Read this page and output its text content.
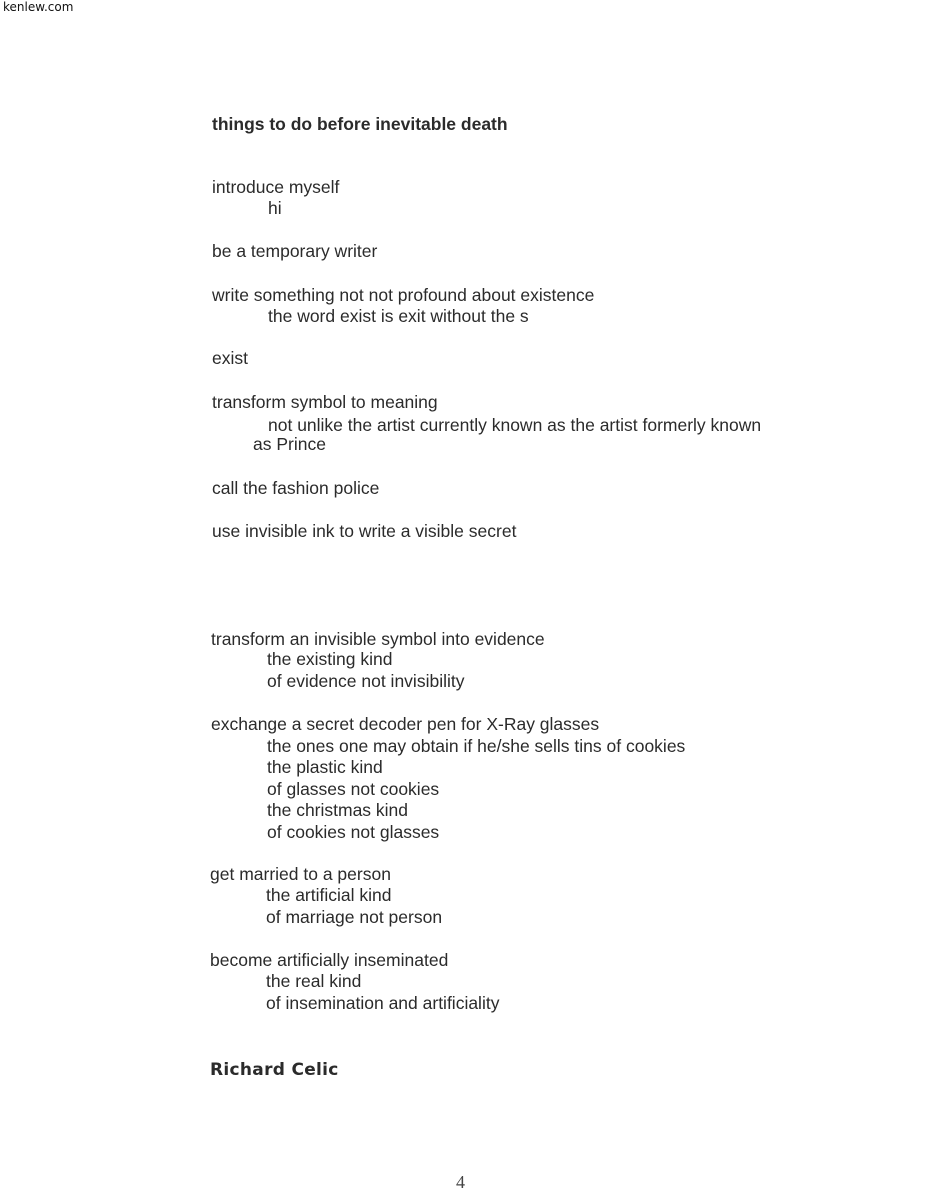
kenlew.com
things to do before inevitable death
introduce myself
hi
be a temporary writer
write something not not profound about existence
the word exist is exit without the s
exist
transform symbol to meaning
not unlike the artist currently known as the artist formerly known
as Prince
call the fashion police
use invisible ink to write a visible secret
transform an invisible symbol into evidence
the existing kind
of evidence not invisibility
exchange a secret decoder pen for X-Ray glasses
the ones one may obtain if he/she sells tins of cookies
the plastic kind
of glasses not cookies
the christmas kind
of cookies not glasses
get married to a person
the artificial kind
of marriage not person
become artificially inseminated
the real kind
of insemination and artificiality
Richard Celic
4
